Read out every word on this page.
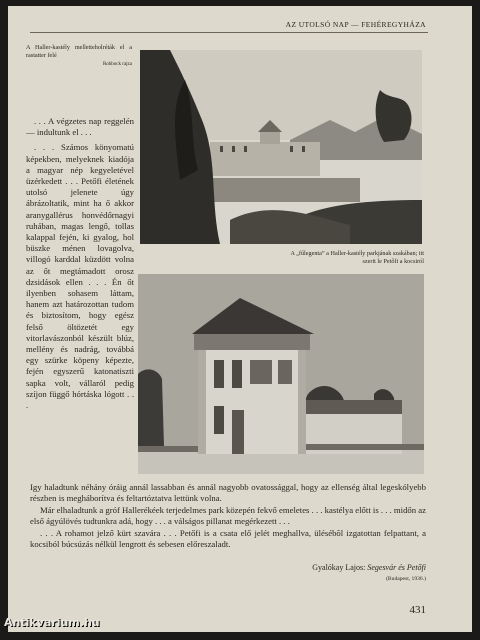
AZ UTOLSÓ NAP — FEHÉREGYHÁZA
A Haller-kastély melletteholréták el a rastatter felé
Rohbock rajza
A „fűlegenta” a Haller-kastély parkjának szakában; itt szerit le Petőfi a kocsiról

. . . A végzetes nap reggelén — indultunk el . . .

. . . Számos könyomatú képekben, melyeknek kiadója a magyar nép kegyeletével üzérkedett . . . Petőfi életének utolsó jelenete úgy ábrázoltatik, mint ha ő akkor aranygallérus honvédőrnagyi ruhában, magas lengő, tollas kalappal fején, ki gyalog, hol büszke ménen lovagolva, villogó karddal küzdött volna az őt megtámadott orosz dzsidások ellen . . . Én őt ilyenben sohasem láttam, hanem azt határozottan tudom és biztosítom, hogy egész felső öltözetét egy vitorlavászonból készült blúz, mellény és nadrág, továbbá egy szürke köpeny képezte, fején egyszerű katonatiszti sapka volt, vállaról pedig szíjon függő hórtáska lógott . . .

Igy haladtunk néhány óráig annál lassabban és annál nagyobb ovatossággal, hogy az ellenség által legeskólyebb részben is megháborítva és feltartóztatva lettünk volna.

Már elhaladtunk a gróf Hallerékéek terjedelmes park közepén fekvő emeletes . . . kastélya előtt is . . . midőn az első ágyúlövés tudtunkra adá, hogy . . . a válságos pillanat megérkezett . . .

. . . A rohamot jelző kürt szavára . . . Petőfi is a csata elő jelét meghallva, ülésébõl izgatottan felpattant, a kocsiból búcsúzás nélkül lengrott és sebesen előreszaladt.

Gyalókay Lajos: Segesvár és Petőfi
(Budapest, 1936.)
431
Antikvarium.hu
